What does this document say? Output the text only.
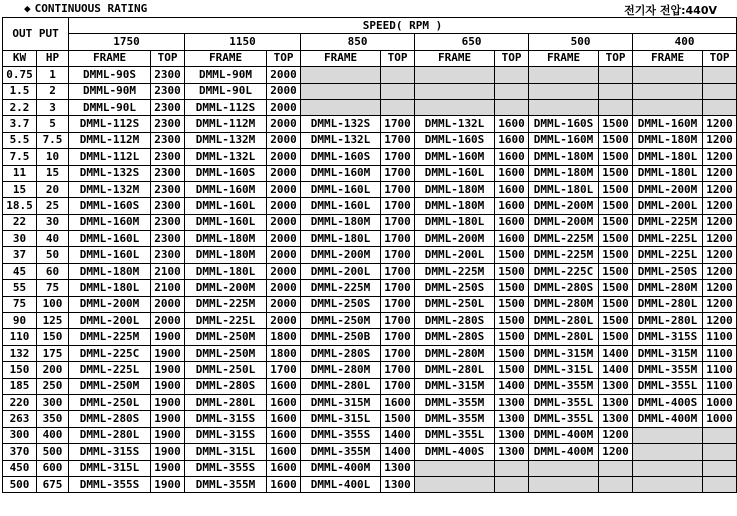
◆ CONTINUOUS RATING	전기자 전압:440V
OUT PUT		SPEED( RPM )											
		1750		1150		850		650		500		400	
KW	HP	FRAME	TOP	FRAME	TOP	FRAME	TOP	FRAME	TOP	FRAME	TOP	FRAME	TOP
0.75	1	DMML-90S	2300	DMML-90M	2000								
1.5	2	DMML-90M	2300	DMML-90L	2000								
2.2	3	DMML-90L	2300	DMML-112S	2000								
3.7	5	DMML-112S	2300	DMML-112M	2000	DMML-132S	1700	DMML-132L	1600	DMML-160S	1500	DMML-160M	1200
5.5	7.5	DMML-112M	2300	DMML-132M	2000	DMML-132L	1700	DMML-160S	1600	DMML-160M	1500	DMML-180M	1200
7.5	10	DMML-112L	2300	DMML-132L	2000	DMML-160S	1700	DMML-160M	1600	DMML-180M	1500	DMML-180L	1200
11	15	DMML-132S	2300	DMML-160S	2000	DMML-160M	1700	DMML-160L	1600	DMML-180M	1500	DMML-180L	1200
15	20	DMML-132M	2300	DMML-160M	2000	DMML-160L	1700	DMML-180M	1600	DMML-180L	1500	DMML-200M	1200
18.5	25	DMML-160S	2300	DMML-160L	2000	DMML-160L	1700	DMML-180M	1600	DMML-200M	1500	DMML-200L	1200
22	30	DMML-160M	2300	DMML-160L	2000	DMML-180M	1700	DMML-180L	1600	DMML-200M	1500	DMML-225M	1200
30	40	DMML-160L	2300	DMML-180M	2000	DMML-180L	1700	DMML-200M	1600	DMML-225M	1500	DMML-225L	1200
37	50	DMML-160L	2300	DMML-180M	2000	DMML-200M	1700	DMML-200L	1500	DMML-225M	1500	DMML-225L	1200
45	60	DMML-180M	2100	DMML-180L	2000	DMML-200L	1700	DMML-225M	1500	DMML-225C	1500	DMML-250S	1200
55	75	DMML-180L	2100	DMML-200M	2000	DMML-225M	1700	DMML-250S	1500	DMML-280S	1500	DMML-280M	1200
75	100	DMML-200M	2000	DMML-225M	2000	DMML-250S	1700	DMML-250L	1500	DMML-280M	1500	DMML-280L	1200
90	125	DMML-200L	2000	DMML-225L	2000	DMML-250M	1700	DMML-280S	1500	DMML-280L	1500	DMML-280L	1200
110	150	DMML-225M	1900	DMML-250M	1800	DMML-250B	1700	DMML-280S	1500	DMML-280L	1500	DMML-315S	1100
132	175	DMML-225C	1900	DMML-250M	1800	DMML-280S	1700	DMML-280M	1500	DMML-315M	1400	DMML-315M	1100
150	200	DMML-225L	1900	DMML-250L	1700	DMML-280M	1700	DMML-280L	1500	DMML-315L	1400	DMML-355M	1100
185	250	DMML-250M	1900	DMML-280S	1600	DMML-280L	1700	DMML-315M	1400	DMML-355M	1300	DMML-355L	1100
220	300	DMML-250L	1900	DMML-280L	1600	DMML-315M	1600	DMML-355M	1300	DMML-355L	1300	DMML-400S	1000
263	350	DMML-280S	1900	DMML-315S	1600	DMML-315L	1500	DMML-355M	1300	DMML-355L	1300	DMML-400M	1000
300	400	DMML-280L	1900	DMML-315S	1600	DMML-355S	1400	DMML-355L	1300	DMML-400M	1200		
370	500	DMML-315S	1900	DMML-315L	1600	DMML-355M	1400	DMML-400S	1300	DMML-400M	1200		
450	600	DMML-315L	1900	DMML-355S	1600	DMML-400M	1300						
500	675	DMML-355S	1900	DMML-355M	1600	DMML-400L	1300						
